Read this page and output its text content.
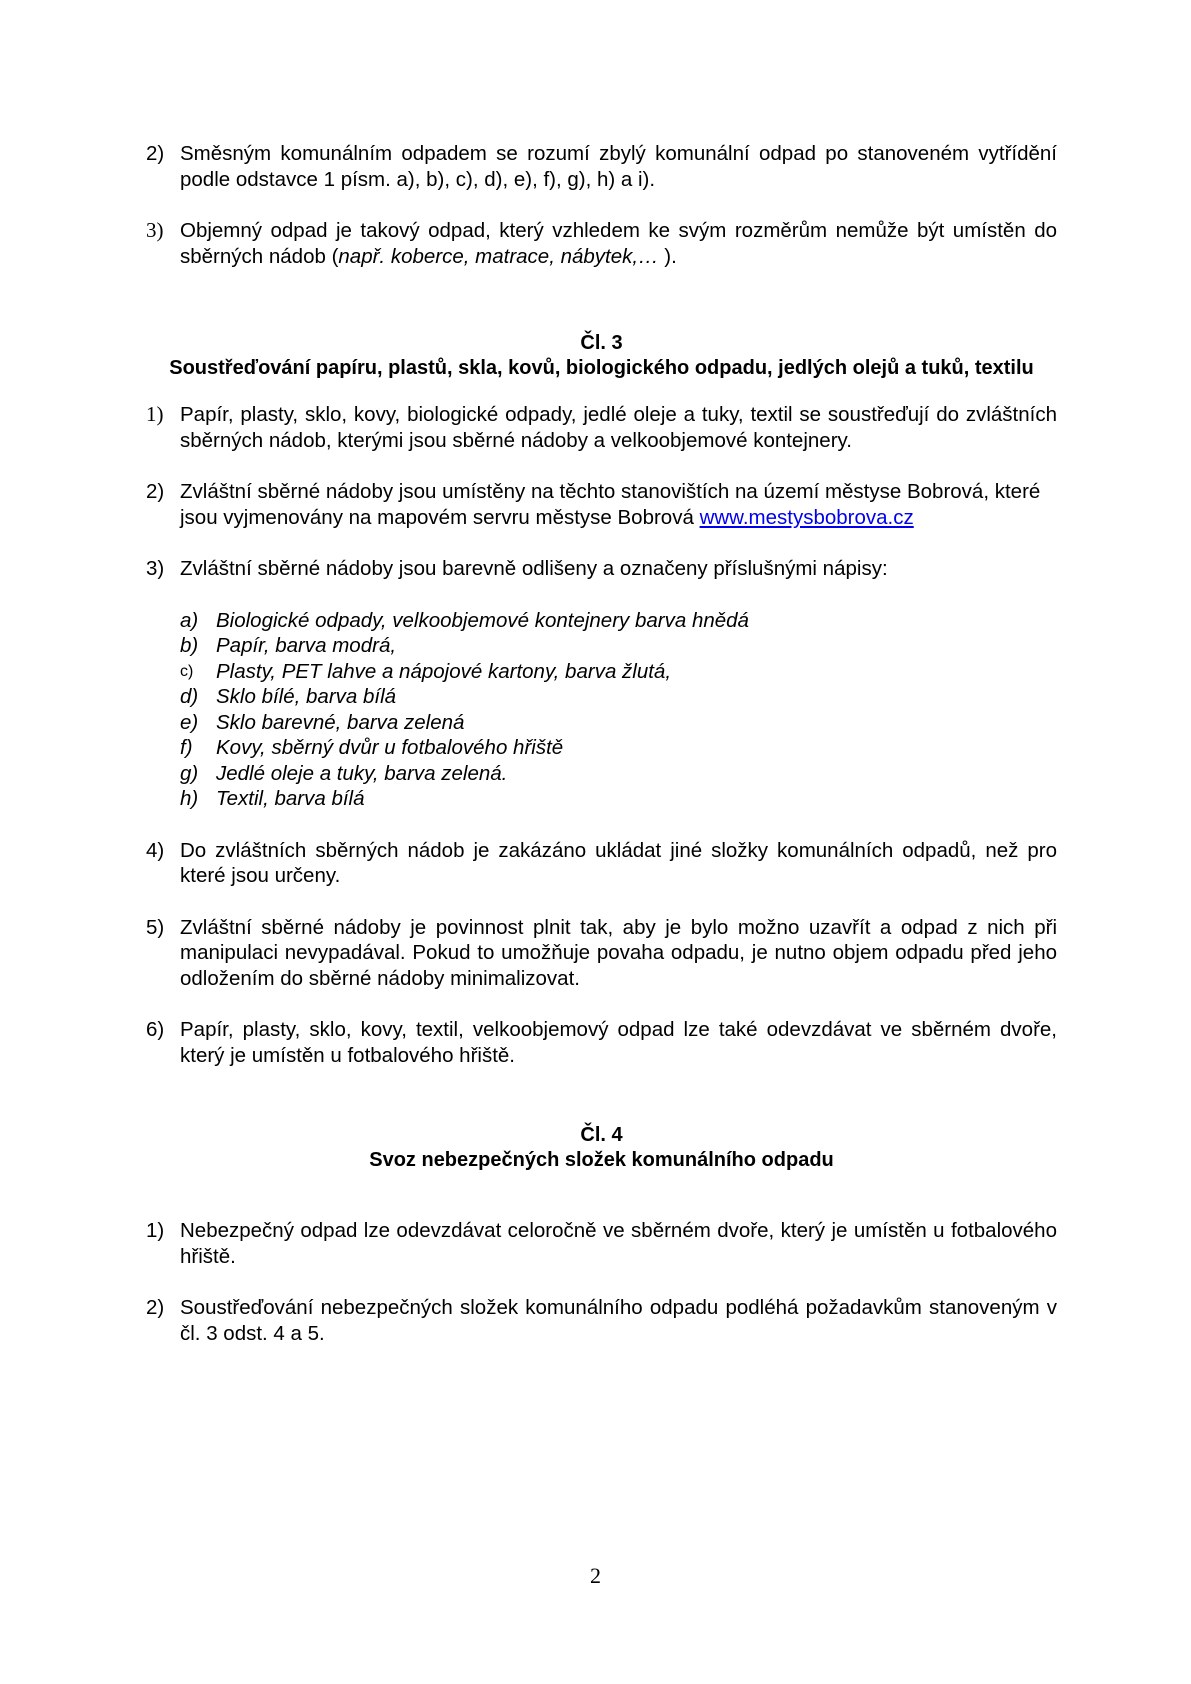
2) Směsným komunálním odpadem se rozumí zbylý komunální odpad po stanoveném vytřídění podle odstavce 1 písm. a), b), c), d), e), f), g), h) a i).
3) Objemný odpad je takový odpad, který vzhledem ke svým rozměrům nemůže být umístěn do sběrných nádob (např. koberce, matrace, nábytek,… ).
Čl. 3
Soustřeďování papíru, plastů, skla, kovů, biologického odpadu, jedlých olejů a tuků, textilu
1) Papír, plasty, sklo, kovy, biologické odpady, jedlé oleje a tuky, textil se soustřeďují do zvláštních sběrných nádob, kterými jsou sběrné nádoby a velkoobjemové kontejnery.
2) Zvláštní sběrné nádoby jsou umístěny na těchto stanovištích na území městyse Bobrová, které jsou vyjmenovány na mapovém servru městyse Bobrová www.mestysbobrova.cz
3) Zvláštní sběrné nádoby jsou barevně odlišeny a označeny příslušnými nápisy:
a) Biologické odpady, velkoobjemové kontejnery barva hnědá
b) Papír, barva modrá,
c)	Plasty, PET lahve a nápojové kartony, barva žlutá,
d) Sklo bílé, barva bílá
e) Sklo barevné, barva zelená
f)	Kovy, sběrný dvůr u fotbalového hřiště
g) Jedlé oleje a tuky, barva zelená.
h) Textil, barva bílá
4) Do zvláštních sběrných nádob je zakázáno ukládat jiné složky komunálních odpadů, než pro které jsou určeny.
5) Zvláštní sběrné nádoby je povinnost plnit tak, aby je bylo možno uzavřít a odpad z nich při manipulaci nevypadával. Pokud to umožňuje povaha odpadu, je nutno objem odpadu před jeho odložením do sběrné nádoby minimalizovat.
6) Papír, plasty, sklo, kovy, textil, velkoobjemový odpad lze také odevzdávat ve sběrném dvoře, který je umístěn u fotbalového hřiště.
Čl. 4
Svoz nebezpečných složek komunálního odpadu
1) Nebezpečný odpad lze odevzdávat celoročně ve sběrném dvoře, který je umístěn u fotbalového hřiště.
2) Soustřeďování nebezpečných složek komunálního odpadu podléhá požadavkům stanoveným v čl. 3 odst. 4 a 5.
2
